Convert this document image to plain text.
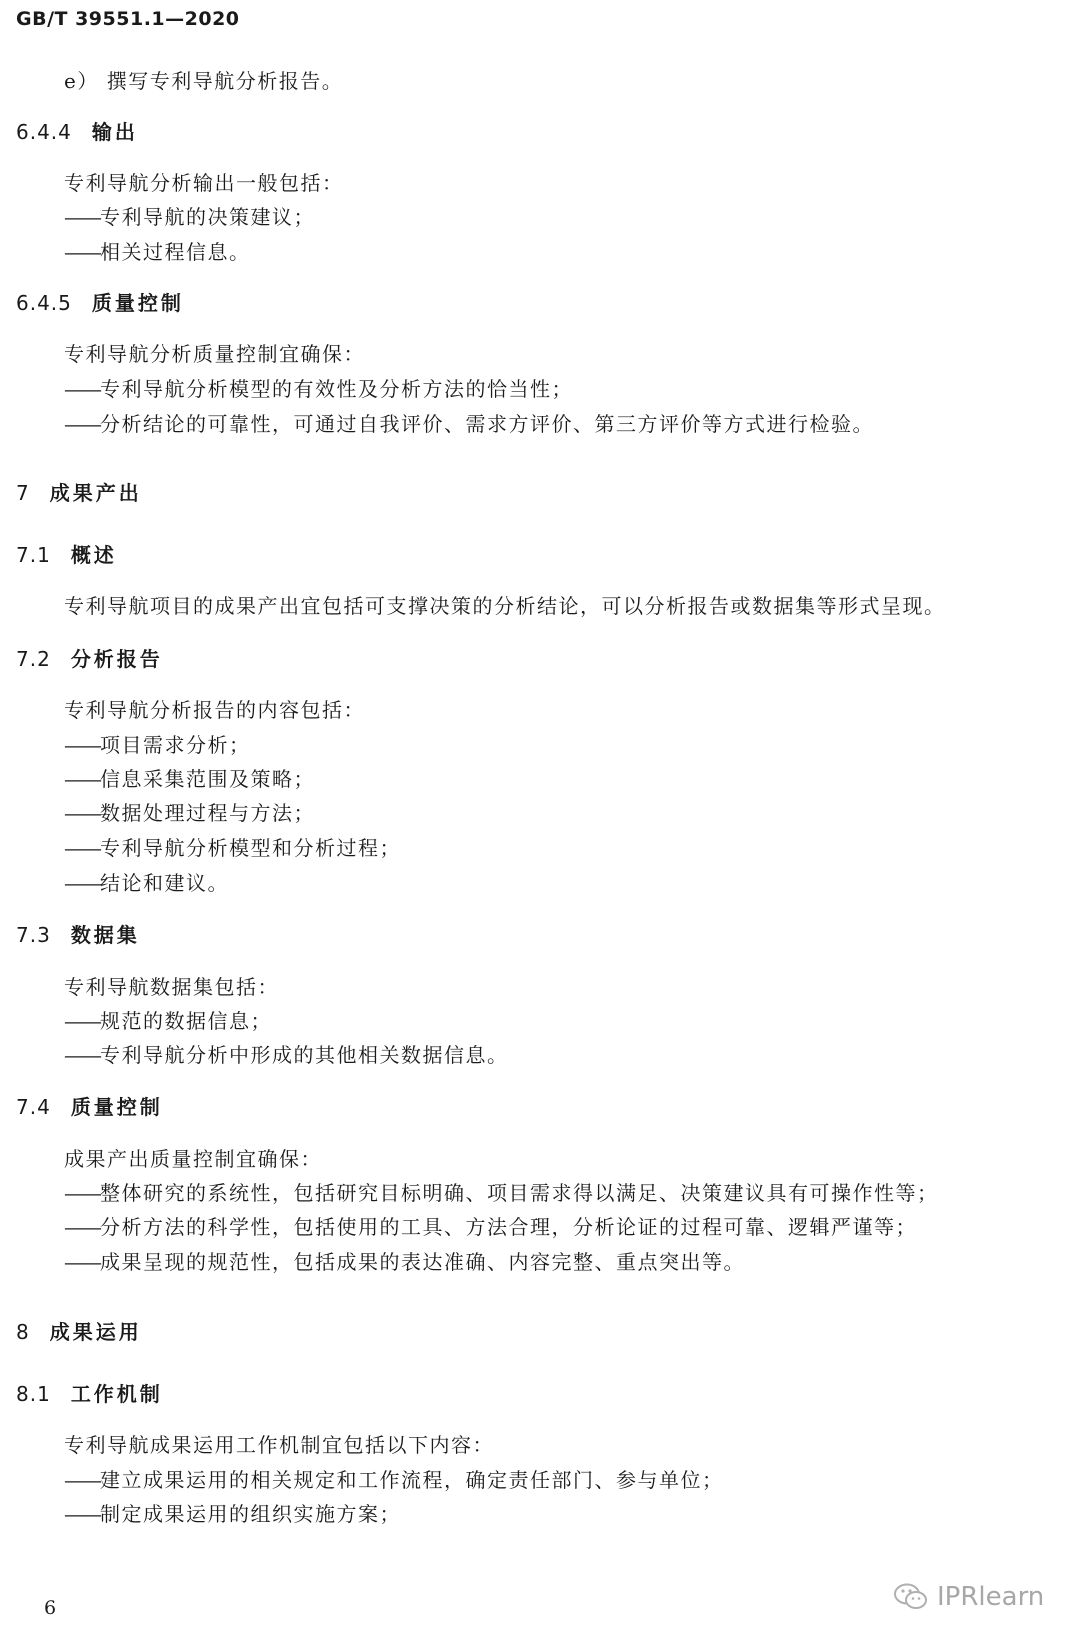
GB/T 39551.1—2020
e） 撰写专利导航分析报告。
6.4.4 输出
专利导航分析输出一般包括：
——专利导航的决策建议；
——相关过程信息。
6.4.5 质量控制
专利导航分析质量控制宜确保：
——专利导航分析模型的有效性及分析方法的恰当性；
——分析结论的可靠性，可通过自我评价、需求方评价、第三方评价等方式进行检验。
7 成果产出
7.1 概述
专利导航项目的成果产出宜包括可支撑决策的分析结论，可以分析报告或数据集等形式呈现。
7.2 分析报告
专利导航分析报告的内容包括：
——项目需求分析；
——信息采集范围及策略；
——数据处理过程与方法；
——专利导航分析模型和分析过程；
——结论和建议。
7.3 数据集
专利导航数据集包括：
——规范的数据信息；
——专利导航分析中形成的其他相关数据信息。
7.4 质量控制
成果产出质量控制宜确保：
——整体研究的系统性，包括研究目标明确、项目需求得以满足、决策建议具有可操作性等；
——分析方法的科学性，包括使用的工具、方法合理，分析论证的过程可靠、逻辑严谨等；
——成果呈现的规范性，包括成果的表达准确、内容完整、重点突出等。
8 成果运用
8.1 工作机制
专利导航成果运用工作机制宜包括以下内容：
——建立成果运用的相关规定和工作流程，确定责任部门、参与单位；
——制定成果运用的组织实施方案；
6	IPRlearn
